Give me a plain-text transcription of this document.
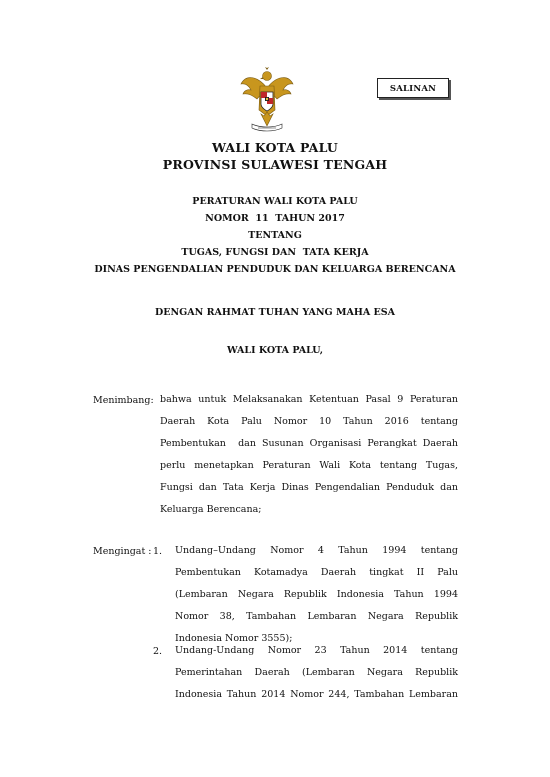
SALINAN
WALI KOTA PALU
PROVINSI SULAWESI TENGAH
PERATURAN WALI KOTA PALU
NOMOR  11  TAHUN 2017
TENTANG
TUGAS, FUNGSI DAN  TATA KERJA
DINAS PENGENDALIAN PENDUDUK DAN KELUARGA BERENCANA
DENGAN RAHMAT TUHAN YANG MAHA ESA
WALI KOTA PALU,
Menimbang: bahwa untuk Melaksanakan Ketentuan Pasal 9 Peraturan
Daerah Kota Palu Nomor 10 Tahun 2016 tentang
Pembentukan  dan Susunan Organisasi Perangkat Daerah
perlu menetapkan Peraturan Wali Kota tentang Tugas,
Fungsi dan Tata Kerja Dinas Pengendalian Penduduk dan
Keluarga Berencana;
Mengingat : 1. Undang–Undang Nomor 4 Tahun 1994 tentang
Pembentukan Kotamadya Daerah tingkat II Palu
(Lembaran Negara Republik Indonesia Tahun 1994
Nomor 38, Tambahan Lembaran Negara Republik
Indonesia Nomor 3555);
2. Undang-Undang Nomor 23 Tahun 2014 tentang
Pemerintahan Daerah (Lembaran Negara Republik
Indonesia Tahun 2014 Nomor 244, Tambahan Lembaran
